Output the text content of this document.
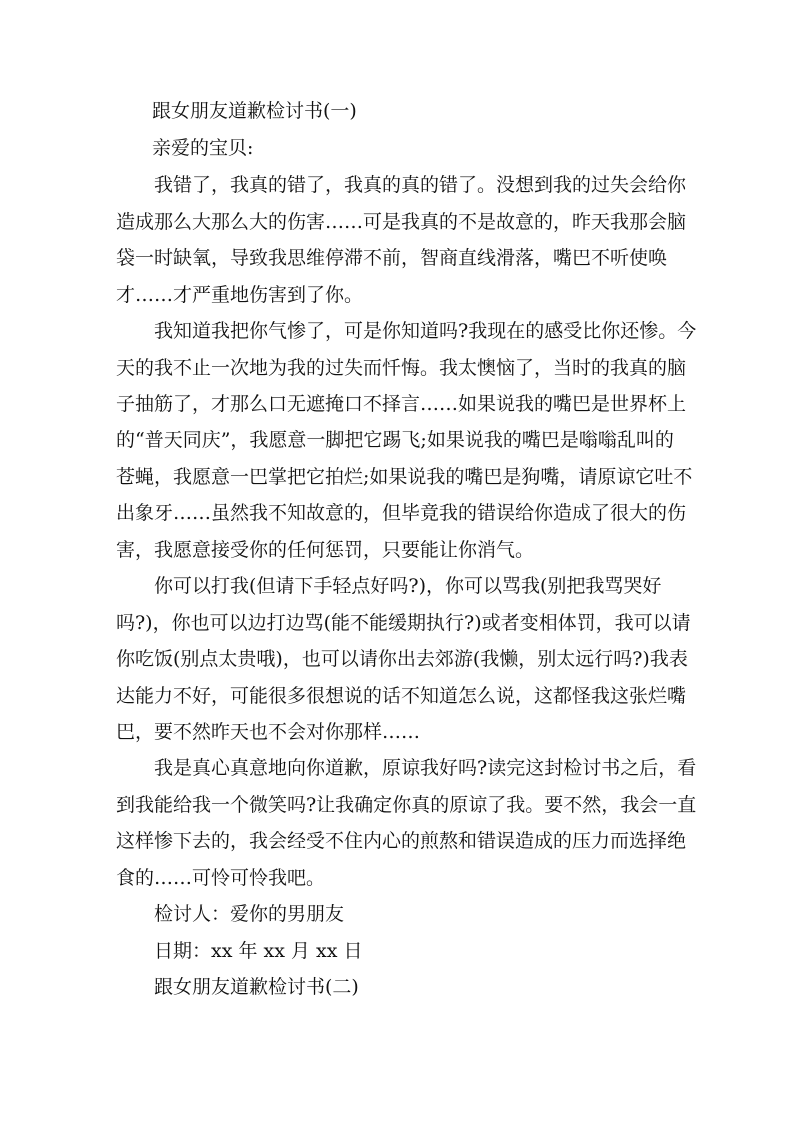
跟女朋友道歉检讨书(一)
亲爱的宝贝:
我错了，我真的错了，我真的真的错了。没想到我的过失会给你
造成那么大那么大的伤害……可是我真的不是故意的，昨天我那会脑
袋一时缺氧，导致我思维停滞不前，智商直线滑落，嘴巴不听使唤
才……才严重地伤害到了你。
我知道我把你气惨了，可是你知道吗?我现在的感受比你还惨。今
天的我不止一次地为我的过失而忏悔。我太懊恼了，当时的我真的脑
子抽筋了，才那么口无遮掩口不择言……如果说我的嘴巴是世界杯上
的“普天同庆”，我愿意一脚把它踢飞;如果说我的嘴巴是嗡嗡乱叫的
苍蝇，我愿意一巴掌把它拍烂;如果说我的嘴巴是狗嘴，请原谅它吐不
出象牙……虽然我不知故意的，但毕竟我的错误给你造成了很大的伤
害，我愿意接受你的任何惩罚，只要能让你消气。
你可以打我(但请下手轻点好吗?)，你可以骂我(别把我骂哭好
吗?)，你也可以边打边骂(能不能缓期执行?)或者变相体罚，我可以请
你吃饭(别点太贵哦)，也可以请你出去郊游(我懒，别太远行吗?)我表
达能力不好，可能很多很想说的话不知道怎么说，这都怪我这张烂嘴
巴，要不然昨天也不会对你那样……
我是真心真意地向你道歉，原谅我好吗?读完这封检讨书之后，看
到我能给我一个微笑吗?让我确定你真的原谅了我。要不然，我会一直
这样惨下去的，我会经受不住内心的煎熬和错误造成的压力而选择绝
食的……可怜可怜我吧。
检讨人：爱你的男朋友
日期：xx 年 xx 月 xx 日
跟女朋友道歉检讨书(二)
